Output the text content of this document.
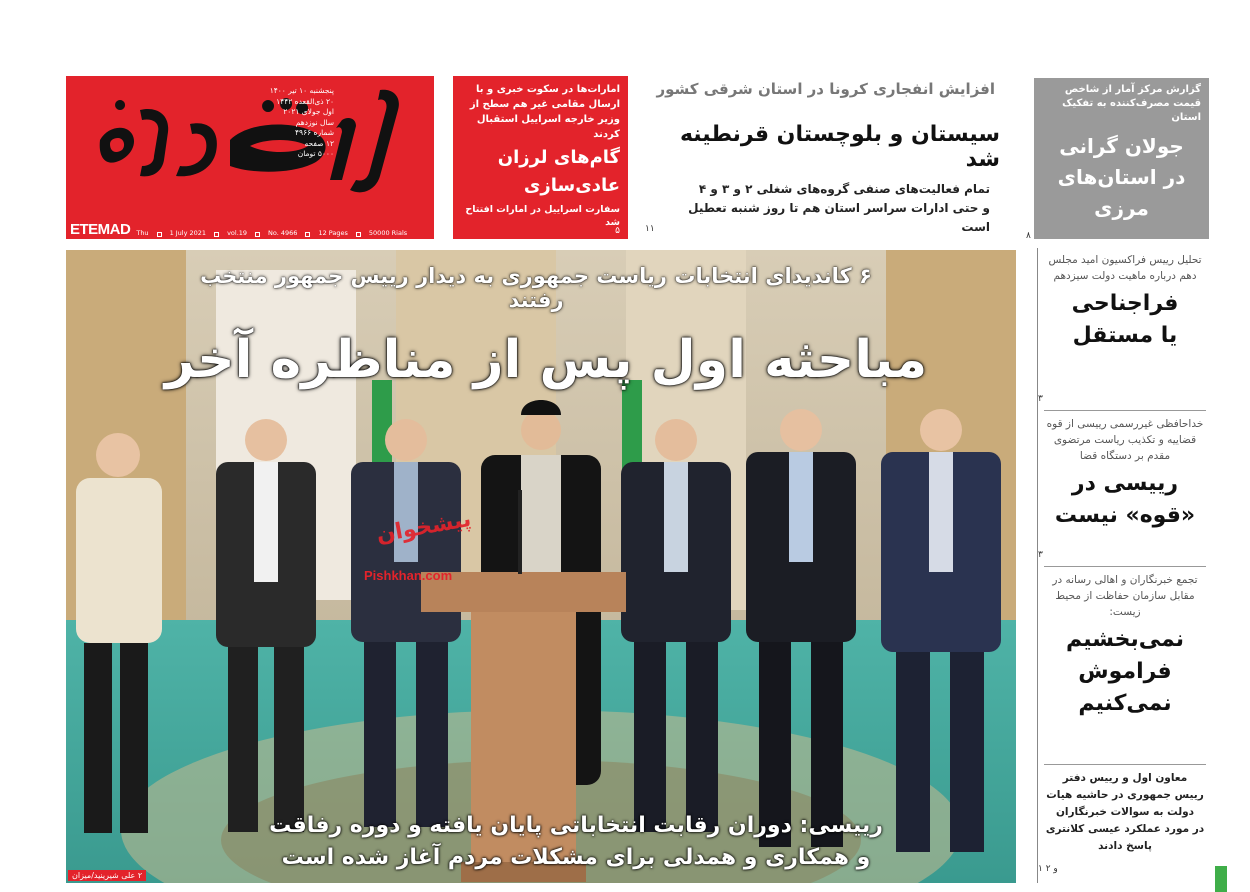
پنجشنبه ۱۰ تیر ۱۴۰۰
۲۰ ذی‌القعده ۱۴۴۲
اول جولای ۲۰۲۱
سال نوزدهم
شماره ۴۹۶۶
۱۲ صفحه
۵۰۰۰ تومان
ETEMAD Thu	1 July 2021	vol.19	No. 4966	12 Pages	50000 Rials
امارات‌ها در سکوت خبری و با ارسال مقامی غیر هم سطح از وزیر خارجه اسراییل استقبال کردند
گام‌های لرزان
عادی‌سازی
سفارت اسراییل در امارات افتتاح شد
۵
افزایش انفجاری کرونا در استان شرقی کشور
سیستان و بلوچستان قرنطینه شد
تمام فعالیت‌های صنفی گروه‌های شغلی ۲ و ۳ و ۴
و حتی ادارات سراسر استان هم تا روز شنبه تعطیل است
۱۱
گزارش مرکز آمار از شاخص قیمت مصرف‌کننده به تفکیک استان
جولان گرانی
در استان‌های
مرزی
۸
۶ کاندیدای انتخابات ریاست جمهوری به دیدار رییس جمهور منتخب رفتند
مباحثه اول پس از مناظره آخر
پیشخوان
Pishkhan.com
رییسی: دوران رقابت انتخاباتی پایان یافته و دوره رفاقت
و همکاری و همدلی برای مشکلات مردم آغاز شده است
۲ علی شیرینید/میزان
تحلیل رییس فراکسیون امید مجلس دهم درباره ماهیت دولت سیزدهم
فراجناحی
یا مستقل
۳
خداحافظی غیررسمی رییسی از قوه قضاییه و تکذیب ریاست مرتضوی مقدم بر دستگاه قضا
رییسی در
«قوه» نیست
۳
تجمع خبرنگاران و اهالی رسانه در مقابل سازمان حفاظت از محیط زیست:
نمی‌بخشیم
فراموش
نمی‌کنیم
معاون اول و رییس دفتر
رییس جمهوری در حاشیه هیات
دولت به سوالات خبرنگاران
در مورد عملکرد عیسی کلانتری
پاسخ دادند
۱ و ۲
